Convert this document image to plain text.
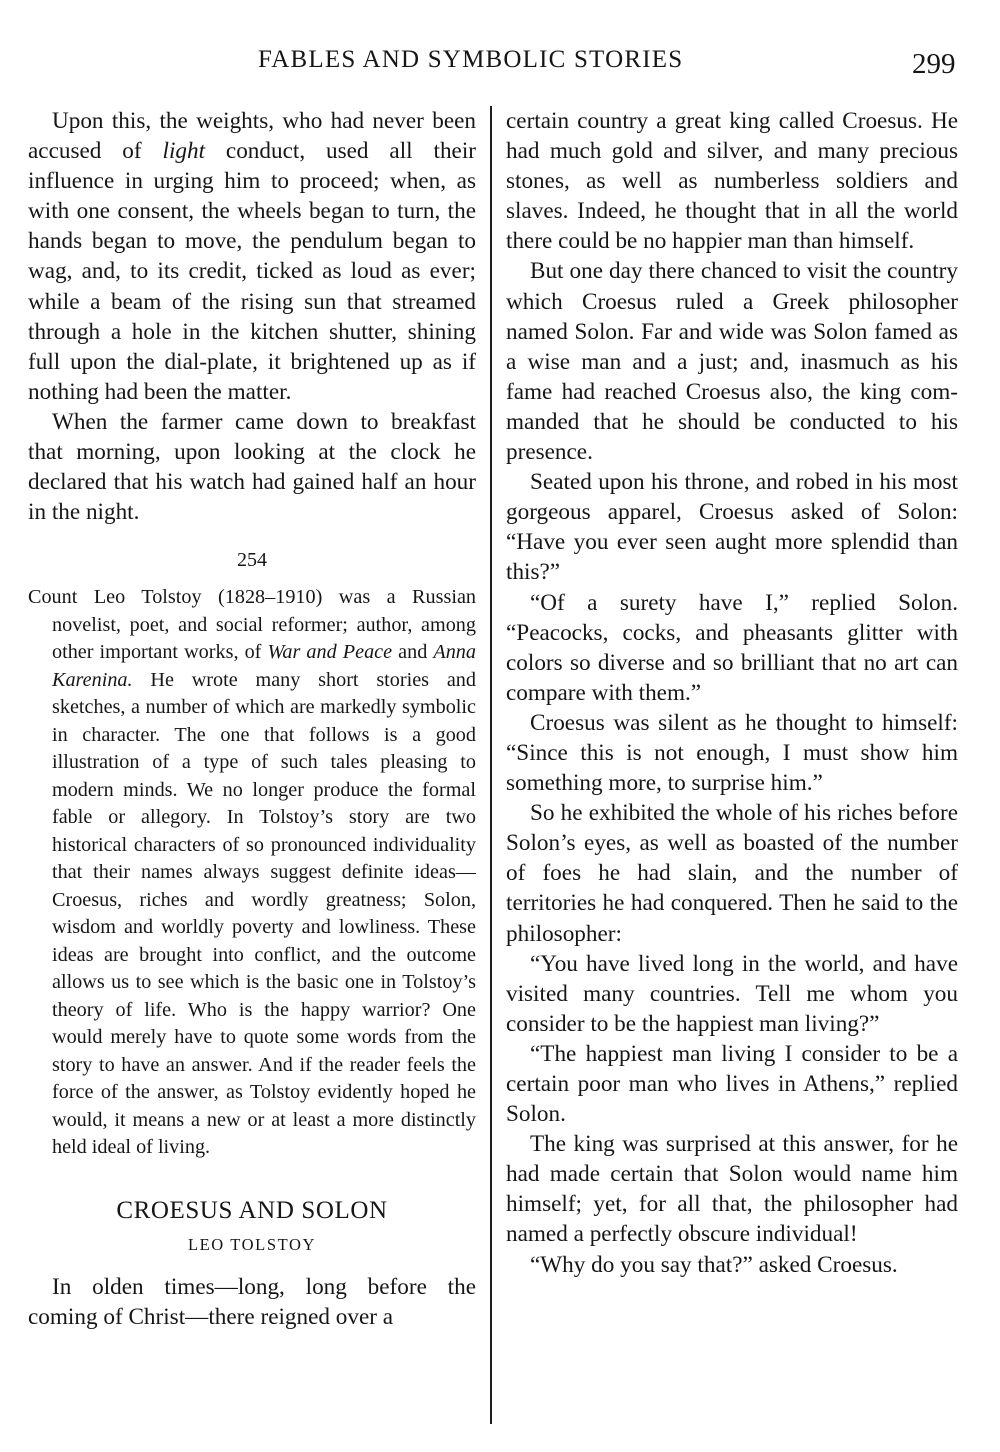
FABLES AND SYMBOLIC STORIES	299

Upon this, the weights, who had never been accused of light conduct, used all their influence in urging him to proceed; when, as with one consent, the wheels began to turn, the hands began to move, the pendulum began to wag, and, to its credit, ticked as loud as ever; while a beam of the rising sun that streamed through a hole in the kitchen shutter, shining full upon the dial-plate, it brightened up as if nothing had been the matter.

When the farmer came down to breakfast that morning, upon looking at the clock he declared that his watch had gained half an hour in the night.

254

Count Leo Tolstoy (1828–1910) was a Russian novelist, poet, and social reformer; author, among other important works, of War and Peace and Anna Karenina. He wrote many short stories and sketches, a number of which are markedly symbolic in character. The one that follows is a good illustration of a type of such tales pleasing to modern minds. We no longer produce the formal fable or allegory. In Tolstoy’s story are two historical characters of so pronounced individuality that their names always suggest definite ideas—Croesus, riches and wordly greatness; Solon, wisdom and worldly poverty and lowliness. These ideas are brought into conflict, and the outcome allows us to see which is the basic one in Tolstoy’s theory of life. Who is the happy warrior? One would merely have to quote some words from the story to have an answer. And if the reader feels the force of the answer, as Tolstoy evidently hoped he would, it means a new or at least a more distinctly held ideal of living.

CROESUS AND SOLON
LEO TOLSTOY

In olden times—long, long before the coming of Christ—there reigned over a

certain country a great king called Croesus. He had much gold and silver, and many precious stones, as well as numberless soldiers and slaves. Indeed, he thought that in all the world there could be no happier man than himself.

But one day there chanced to visit the country which Croesus ruled a Greek philosopher named Solon. Far and wide was Solon famed as a wise man and a just; and, inasmuch as his fame had reached Croesus also, the king commanded that he should be conducted to his presence.

Seated upon his throne, and robed in his most gorgeous apparel, Croesus asked of Solon: “Have you ever seen aught more splendid than this?”

“Of a surety have I,” replied Solon. “Peacocks, cocks, and pheasants glitter with colors so diverse and so brilliant that no art can compare with them.”

Croesus was silent as he thought to himself: “Since this is not enough, I must show him something more, to surprise him.”

So he exhibited the whole of his riches before Solon’s eyes, as well as boasted of the number of foes he had slain, and the number of territories he had conquered. Then he said to the philosopher:

“You have lived long in the world, and have visited many countries. Tell me whom you consider to be the happiest man living?”

“The happiest man living I consider to be a certain poor man who lives in Athens,” replied Solon.

The king was surprised at this answer, for he had made certain that Solon would name him himself; yet, for all that, the philosopher had named a perfectly obscure individual!

“Why do you say that?” asked Croesus.
